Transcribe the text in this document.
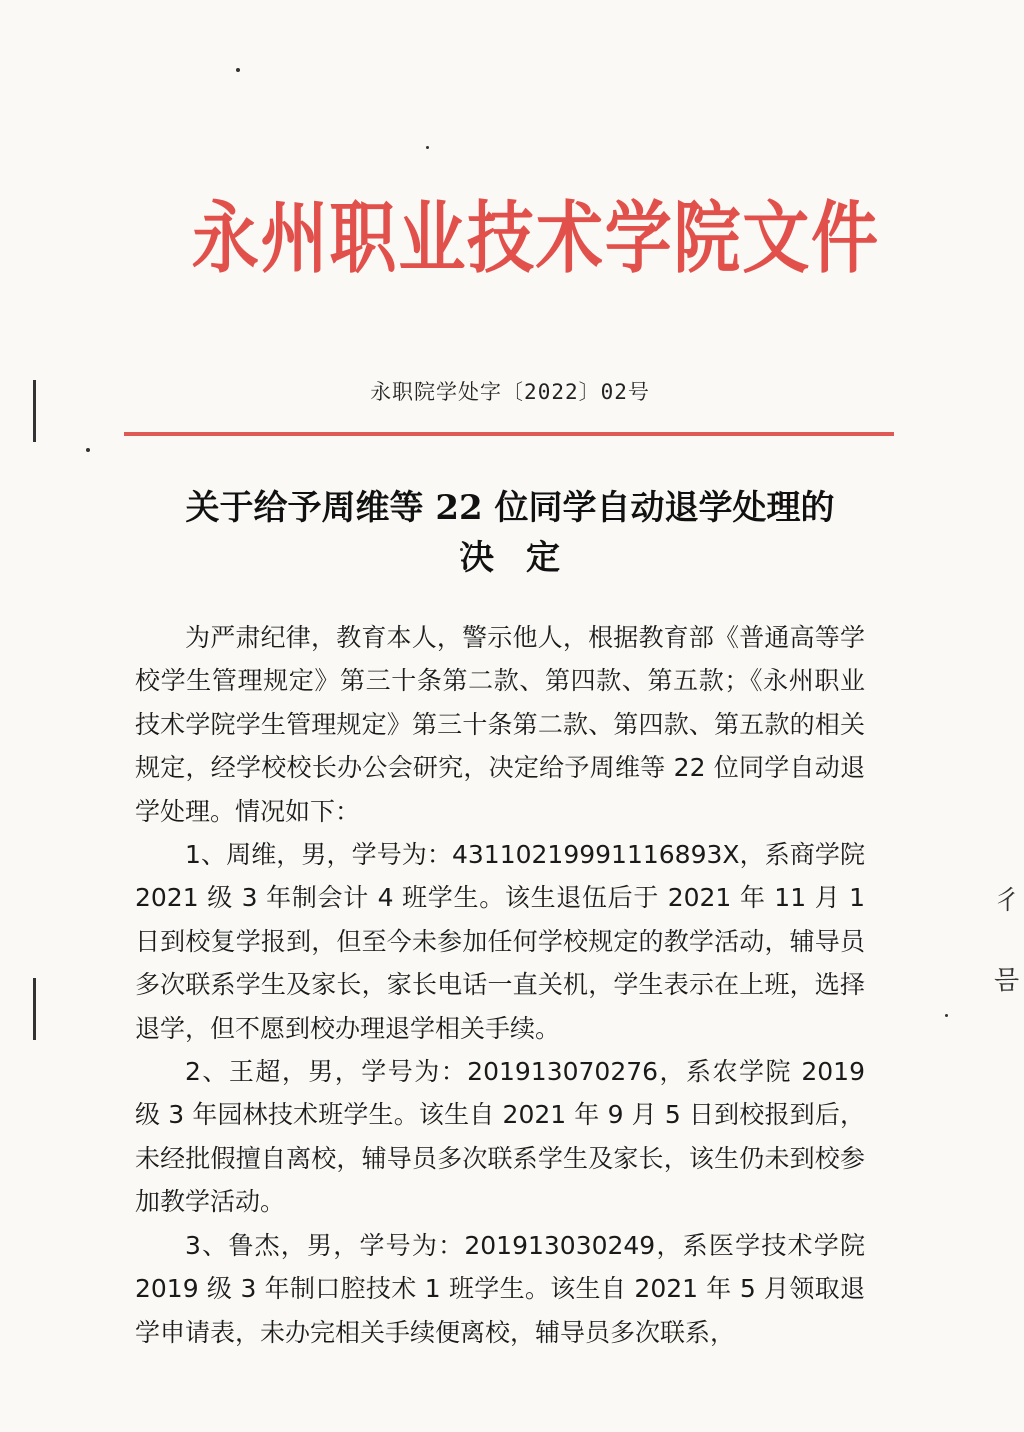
永州职业技术学院文件
永职院学处字〔2022〕02号
关于给予周维等 22 位同学自动退学处理的
决定

为严肃纪律，教育本人，警示他人，根据教育部《普通高等学校学生管理规定》第三十条第二款、第四款、第五款；《永州职业技术学院学生管理规定》第三十条第二款、第四款、第五款的相关规定，经学校校长办公会研究，决定给予周维等 22 位同学自动退学处理。情况如下：

1、周维，男，学号为：43110219991116893X，系商学院 2021 级 3 年制会计 4 班学生。该生退伍后于 2021 年 11 月 1 日到校复学报到，但至今未参加任何学校规定的教学活动，辅导员多次联系学生及家长，家长电话一直关机，学生表示在上班，选择退学，但不愿到校办理退学相关手续。

2、王超，男，学号为：201913070276，系农学院 2019 级 3 年园林技术班学生。该生自 2021 年 9 月 5 日到校报到后，未经批假擅自离校，辅导员多次联系学生及家长，该生仍未到校参加教学活动。

3、鲁杰，男，学号为：201913030249，系医学技术学院 2019 级 3 年制口腔技术 1 班学生。该生自 2021 年 5 月领取退学申请表，未办完相关手续便离校，辅导员多次联系，

彳
믐
